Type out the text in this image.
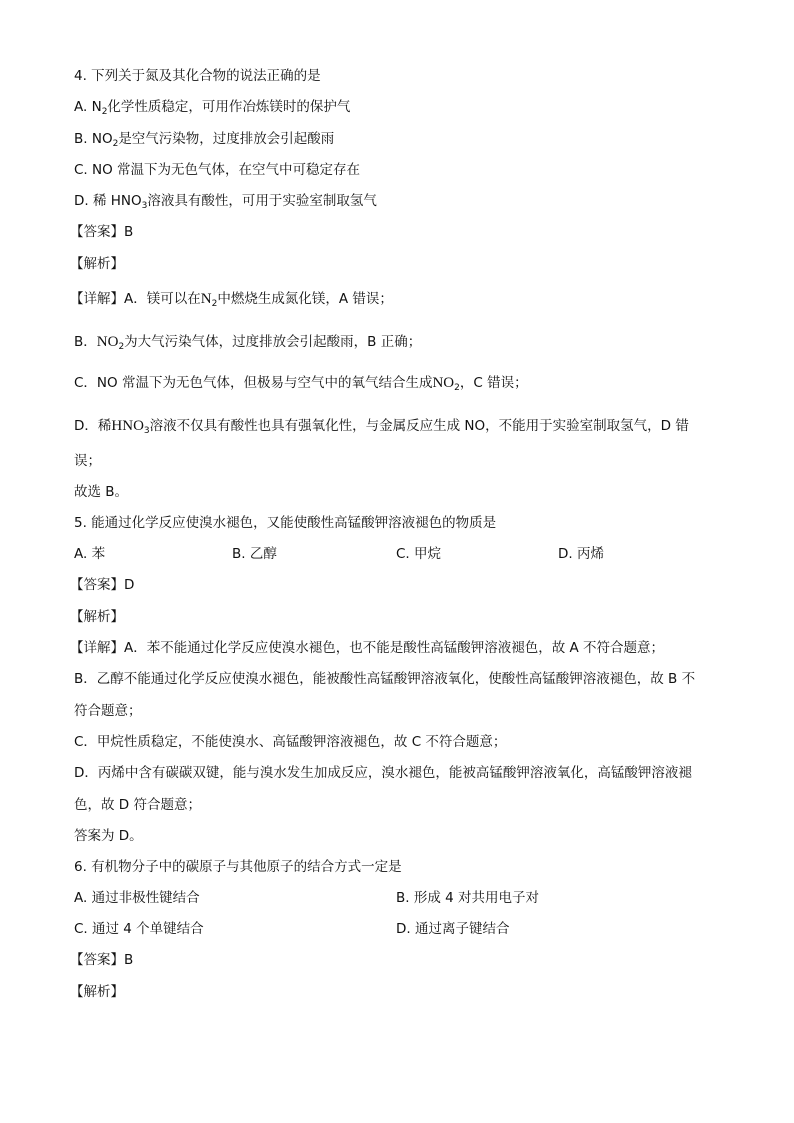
4. 下列关于氮及其化合物的说法正确的是
A. $N_2$化学性质稳定，可用作冶炼镁时的保护气
B. $NO_2$是空气污染物，过度排放会引起酸雨
C. NO 常温下为无色气体，在空气中可稳定存在
D. 稀 $HNO_3$溶液具有酸性，可用于实验室制取氢气
【答案】B
【解析】
【详解】A．镁可以在$N_2$中燃烧生成氮化镁，A 错误；
B．$NO_2$为大气污染气体，过度排放会引起酸雨，B 正确；
C．NO 常温下为无色气体，但极易与空气中的氧气结合生成$NO_2$，C 错误；
D．稀$HNO_3$溶液不仅具有酸性也具有强氧化性，与金属反应生成 NO，不能用于实验室制取氢气，D 错
误；
故选 B。
5. 能通过化学反应使溴水褪色，又能使酸性高锰酸钾溶液褪色的物质是
A. 苯	B. 乙醇	C. 甲烷	D. 丙烯
【答案】D
【解析】
【详解】A．苯不能通过化学反应使溴水褪色，也不能是酸性高锰酸钾溶液褪色，故 A 不符合题意；
B．乙醇不能通过化学反应使溴水褪色，能被酸性高锰酸钾溶液氧化，使酸性高锰酸钾溶液褪色，故 B 不
符合题意；
C．甲烷性质稳定，不能使溴水、高锰酸钾溶液褪色，故 C 不符合题意；
D．丙烯中含有碳碳双键，能与溴水发生加成反应，溴水褪色，能被高锰酸钾溶液氧化，高锰酸钾溶液褪
色，故 D 符合题意；
答案为 D。
6. 有机物分子中的碳原子与其他原子的结合方式一定是
A. 通过非极性键结合	B. 形成 4 对共用电子对
C. 通过 4 个单键结合	D. 通过离子键结合
【答案】B
【解析】
